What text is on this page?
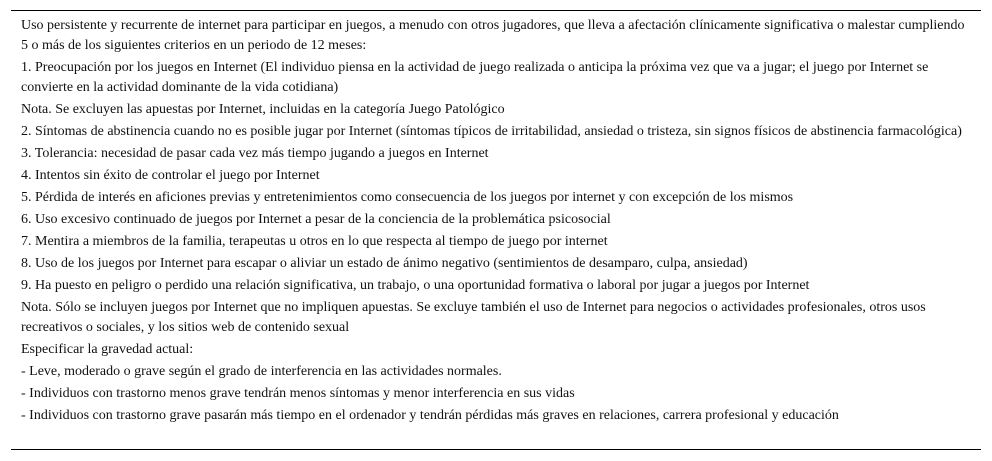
Uso persistente y recurrente de internet para participar en juegos, a menudo con otros jugadores, que lleva a afectación clínicamente significativa o malestar cumpliendo 5 o más de los siguientes criterios en un periodo de 12 meses:

1. Preocupación por los juegos en Internet (El individuo piensa en la actividad de juego realizada o anticipa la próxima vez que va a jugar; el juego por Internet se convierte en la actividad dominante de la vida cotidiana)

Nota. Se excluyen las apuestas por Internet, incluidas en la categoría Juego Patológico

2. Síntomas de abstinencia cuando no es posible jugar por Internet (síntomas típicos de irritabilidad, ansiedad o tristeza, sin signos físicos de abstinencia farmacológica)

3. Tolerancia: necesidad de pasar cada vez más tiempo jugando a juegos en Internet

4. Intentos sin éxito de controlar el juego por Internet

5. Pérdida de interés en aficiones previas y entretenimientos como consecuencia de los juegos por internet y con excepción de los mismos

6. Uso excesivo continuado de juegos por Internet a pesar de la conciencia de la problemática psicosocial

7. Mentira a miembros de la familia, terapeutas u otros en lo que respecta al tiempo de juego por internet

8. Uso de los juegos por Internet para escapar o aliviar un estado de ánimo negativo (sentimientos de desamparo, culpa, ansiedad)

9. Ha puesto en peligro o perdido una relación significativa, un trabajo, o una oportunidad formativa o laboral por jugar a juegos por Internet

Nota. Sólo se incluyen juegos por Internet que no impliquen apuestas. Se excluye también el uso de Internet para negocios o actividades profesionales, otros usos recreativos o sociales, y los sitios web de contenido sexual

Especificar la gravedad actual:

- Leve, moderado o grave según el grado de interferencia en las actividades normales.

- Individuos con trastorno menos grave tendrán menos síntomas y menor interferencia en sus vidas

- Individuos con trastorno grave pasarán más tiempo en el ordenador y tendrán pérdidas más graves en relaciones, carrera profesional y educación
